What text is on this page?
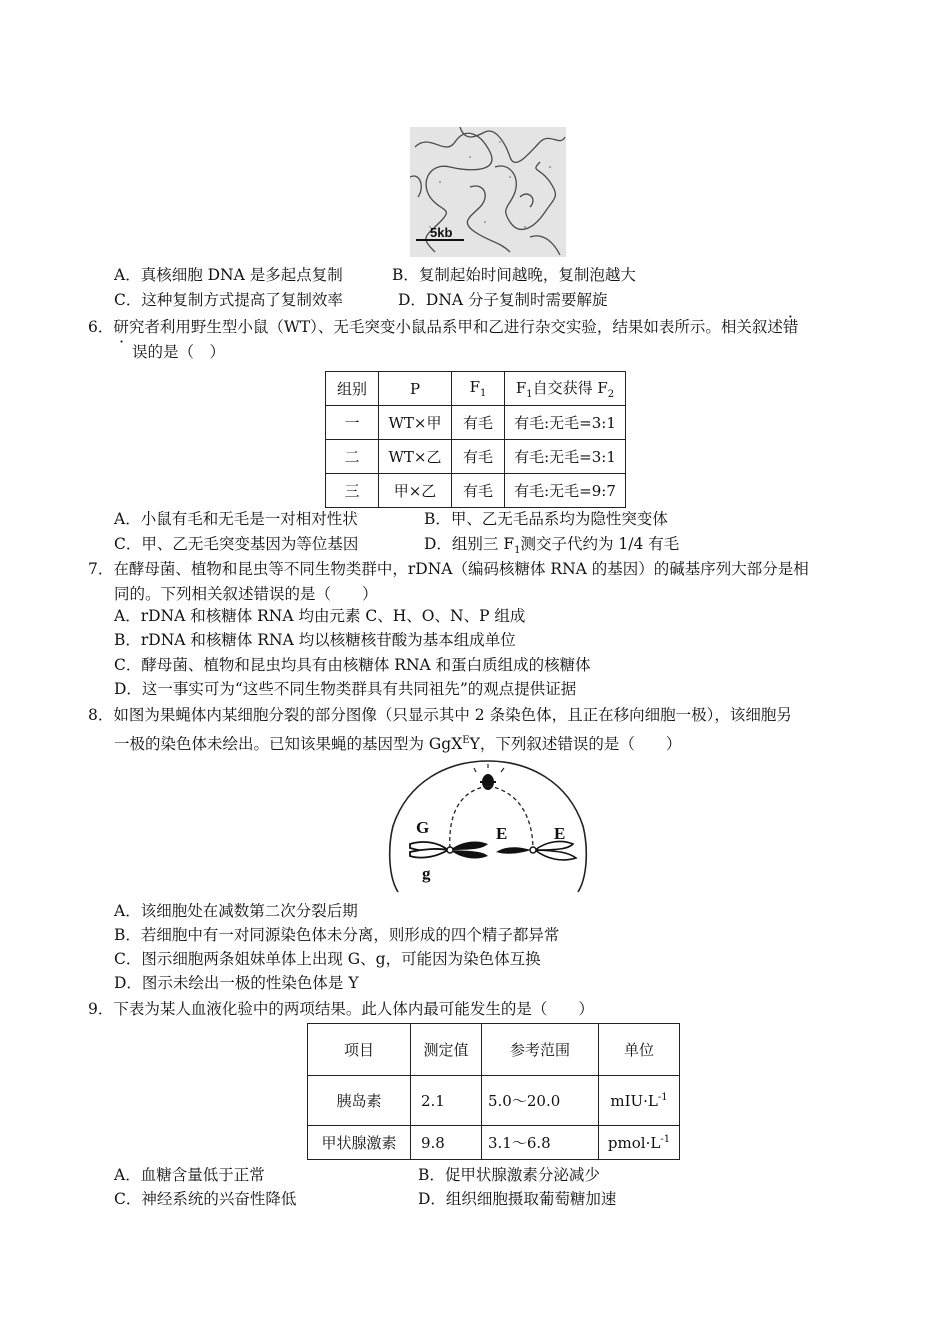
5kb
A．真核细胞 DNA 是多起点复制	B．复制起始时间越晚，复制泡越大
C．这种复制方式提高了复制效率	D．DNA 分子复制时需要解旋
6．研究者利用野生型小鼠（WT）、无毛突变小鼠品系甲和乙进行杂交实验，结果如表所示。相关叙述错
· 误的是（　）
组别	P	$F_1$	$F_1$自交获得 $F_2$
一	WT×甲	有毛	有毛:无毛=3:1
二	WT×乙	有毛	有毛:无毛=3:1
三	甲×乙	有毛	有毛:无毛=9:7
A．小鼠有毛和无毛是一对相对性状	B．甲、乙无毛品系均为隐性突变体
C．甲、乙无毛突变基因为等位基因	D．组别三 $F_1$测交子代约为 1/4 有毛
7．在酵母菌、植物和昆虫等不同生物类群中，rDNA（编码核糖体 RNA 的基因）的碱基序列大部分是相
同的。下列相关叙述错误的是（　　）
A．rDNA 和核糖体 RNA 均由元素 C、H、O、N、P 组成
B．rDNA 和核糖体 RNA 均以核糖核苷酸为基本组成单位
C．酵母菌、植物和昆虫均具有由核糖体 RNA 和蛋白质组成的核糖体
D．这一事实可为“这些不同生物类群具有共同祖先”的观点提供证据
8．如图为果蝇体内某细胞分裂的部分图像（只显示其中 2 条染色体，且正在移向细胞一极），该细胞另
一极的染色体未绘出。已知该果蝇的基因型为 GgX$^E$Y，下列叙述错误的是（　　）
G
g
E	E
A．该细胞处在减数第二次分裂后期
B．若细胞中有一对同源染色体未分离，则形成的四个精子都异常
C．图示细胞两条姐妹单体上出现 G、g，可能因为染色体互换
D．图示未绘出一极的性染色体是 Y
9．下表为某人血液化验中的两项结果。此人体内最可能发生的是（　　）
项目	测定值	参考范围	单位
胰岛素	2.1	5.0～20.0	$mIU\cdot L^{-1}$
甲状腺激素	9.8	3.1～6.8	$pmol\cdot L^{-1}$
A．血糖含量低于正常	B．促甲状腺激素分泌减少
C．神经系统的兴奋性降低	D．组织细胞摄取葡萄糖加速
